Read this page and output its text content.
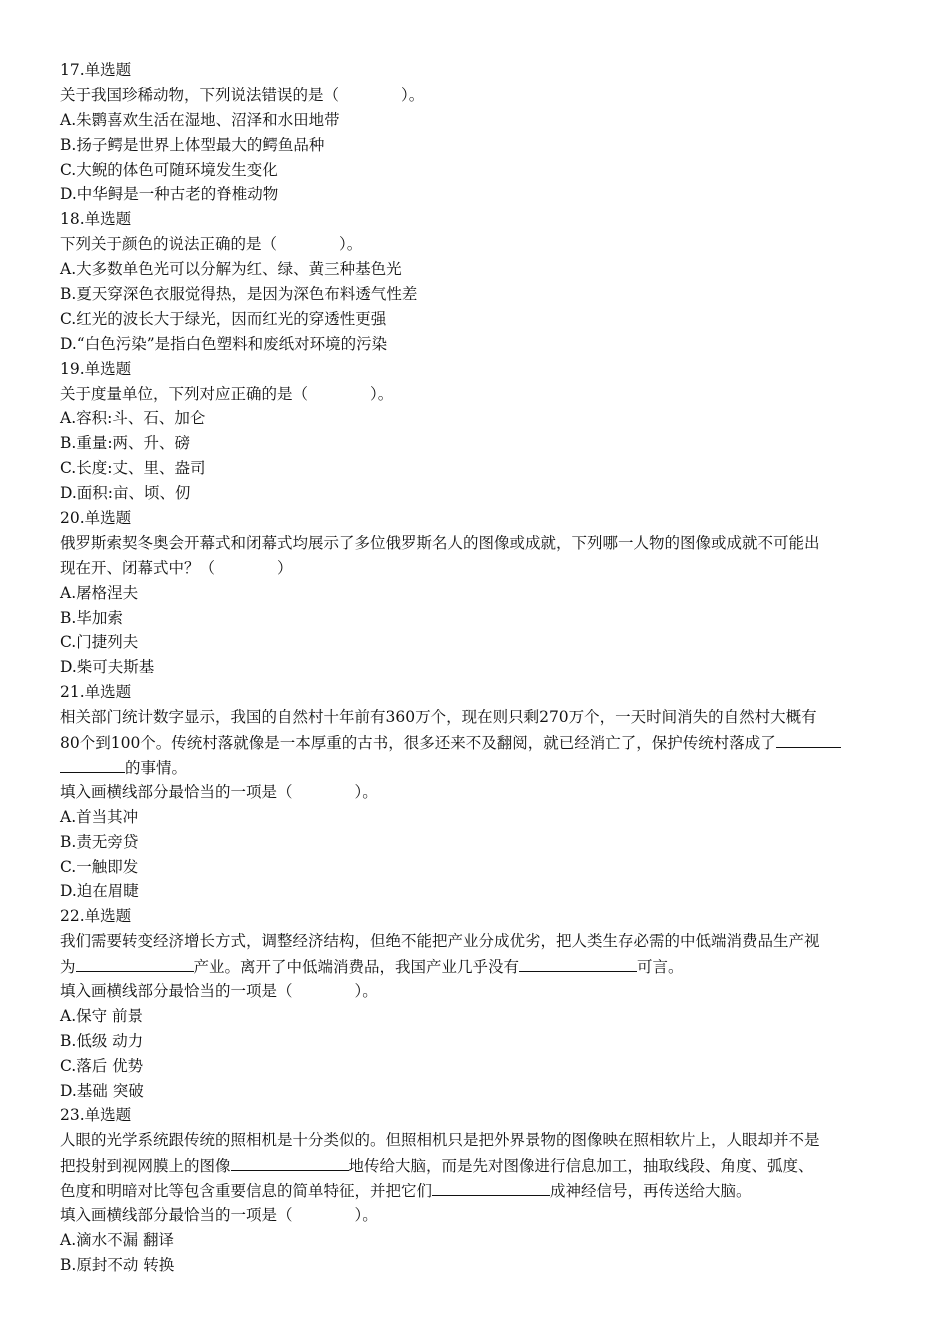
17.单选题
关于我国珍稀动物，下列说法错误的是（	）。
A.朱鹮喜欢生活在湿地、沼泽和水田地带
B.扬子鳄是世界上体型最大的鳄鱼品种
C.大鲵的体色可随环境发生变化
D.中华鲟是一种古老的脊椎动物
18.单选题
下列关于颜色的说法正确的是（	）。
A.大多数单色光可以分解为红、绿、黄三种基色光
B.夏天穿深色衣服觉得热，是因为深色布料透气性差
C.红光的波长大于绿光，因而红光的穿透性更强
D.“白色污染”是指白色塑料和废纸对环境的污染
19.单选题
关于度量单位，下列对应正确的是（	）。
A.容积:斗、石、加仑
B.重量:两、升、磅
C.长度:丈、里、盎司
D.面积:亩、顷、仞
20.单选题
俄罗斯索契冬奥会开幕式和闭幕式均展示了多位俄罗斯名人的图像或成就，下列哪一人物的图像或成就不可能出
现在开、闭幕式中？（	）
A.屠格涅夫
B.毕加索
C.门捷列夫
D.柴可夫斯基
21.单选题
相关部门统计数字显示，我国的自然村十年前有360万个，现在则只剩270万个，一天时间消失的自然村大概有
80个到100个。传统村落就像是一本厚重的古书，很多还来不及翻阅，就已经消亡了，保护传统村落成了
的事情。
填入画横线部分最恰当的一项是（	）。
A.首当其冲
B.责无旁贷
C.一触即发
D.迫在眉睫
22.单选题
我们需要转变经济增长方式，调整经济结构，但绝不能把产业分成优劣，把人类生存必需的中低端消费品生产视
为	产业。离开了中低端消费品，我国产业几乎没有	可言。
填入画横线部分最恰当的一项是（	）。
A.保守 前景
B.低级 动力
C.落后 优势
D.基础 突破
23.单选题
人眼的光学系统跟传统的照相机是十分类似的。但照相机只是把外界景物的图像映在照相软片上，人眼却并不是
把投射到视网膜上的图像	地传给大脑，而是先对图像进行信息加工，抽取线段、角度、弧度、
色度和明暗对比等包含重要信息的简单特征，并把它们	成神经信号，再传送给大脑。
填入画横线部分最恰当的一项是（	）。
A.滴水不漏 翻译
B.原封不动 转换
